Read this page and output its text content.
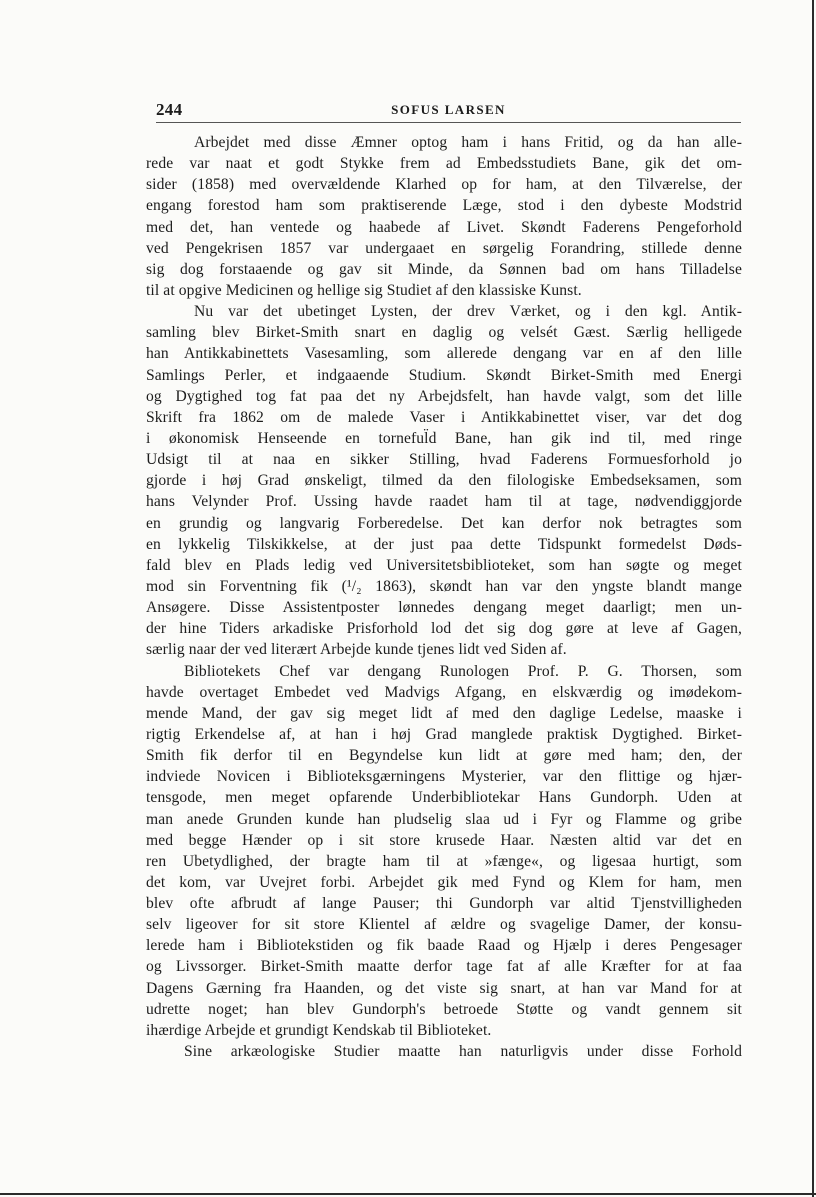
244	SOFUS LARSEN
Arbejdet med disse Æmner optog ham i hans Fritid, og da han alle-
rede var naat et godt Stykke frem ad Embedsstudiets Bane, gik det om-
sider (1858) med overvældende Klarhed op for ham, at den Tilværelse, der
engang forestod ham som praktiserende Læge, stod i den dybeste Modstrid
med det, han ventede og haabede af Livet. Skøndt Faderens Pengeforhold
ved Pengekrisen 1857 var undergaaet en sørgelig Forandring, stillede denne
sig dog forstaaende og gav sit Minde, da Sønnen bad om hans Tilladelse
til at opgive Medicinen og hellige sig Studiet af den klassiske Kunst.
Nu var det ubetinget Lysten, der drev Værket, og i den kgl. Antik-
samling blev Birket-Smith snart en daglig og velsét Gæst. Særlig helligede
han Antikkabinettets Vasesamling, som allerede dengang var en af den lille
Samlings Perler, et indgaaende Studium. Skøndt Birket-Smith med Energi
og Dygtighed tog fat paa det ny Arbejdsfelt, han havde valgt, som det lille
Skrift fra 1862 om de malede Vaser i Antikkabinettet viser, var det dog
i økonomisk Henseende en torneful̈d Bane, han gik ind til, med ringe
Udsigt til at naa en sikker Stilling, hvad Faderens Formuesforhold jo
gjorde i høj Grad ønskeligt, tilmed da den filologiske Embedseksamen, som
hans Velynder Prof. Ussing havde raadet ham til at tage, nødvendiggjorde
en grundig og langvarig Forberedelse. Det kan derfor nok betragtes som
en lykkelig Tilskikkelse, at der just paa dette Tidspunkt formedelst Døds-
fald blev en Plads ledig ved Universitetsbiblioteket, som han søgte og meget
mod sin Forventning fik (¹/₂ 1863), skøndt han var den yngste blandt mange
Ansøgere. Disse Assistentposter lønnedes dengang meget daarligt; men un-
der hine Tiders arkadiske Prisforhold lod det sig dog gøre at leve af Gagen,
særlig naar der ved literært Arbejde kunde tjenes lidt ved Siden af.
Bibliotekets Chef var dengang Runologen Prof. P. G. Thorsen, som
havde overtaget Embedet ved Madvigs Afgang, en elskværdig og imødekom-
mende Mand, der gav sig meget lidt af med den daglige Ledelse, maaske i
rigtig Erkendelse af, at han i høj Grad manglede praktisk Dygtighed. Birket-
Smith fik derfor til en Begyndelse kun lidt at gøre med ham; den, der
indviede Novicen i Biblioteksgærningens Mysterier, var den flittige og hjær-
tensgode, men meget opfarende Underbibliotekar Hans Gundorph. Uden at
man anede Grunden kunde han pludselig slaa ud i Fyr og Flamme og gribe
med begge Hænder op i sit store krusede Haar. Næsten altid var det en
ren Ubetydlighed, der bragte ham til at »fænge«, og ligesaa hurtigt, som
det kom, var Uvejret forbi. Arbejdet gik med Fynd og Klem for ham, men
blev ofte afbrudt af lange Pauser; thi Gundorph var altid Tjenstvilligheden
selv ligeover for sit store Klientel af ældre og svagelige Damer, der konsu-
lerede ham i Bibliotekstiden og fik baade Raad og Hjælp i deres Pengesager
og Livssorger. Birket-Smith maatte derfor tage fat af alle Kræfter for at faa
Dagens Gærning fra Haanden, og det viste sig snart, at han var Mand for at
udrette noget; han blev Gundorph's betroede Støtte og vandt gennem sit
ihærdige Arbejde et grundigt Kendskab til Biblioteket.
Sine arkæologiske Studier maatte han naturligvis under disse Forhold
